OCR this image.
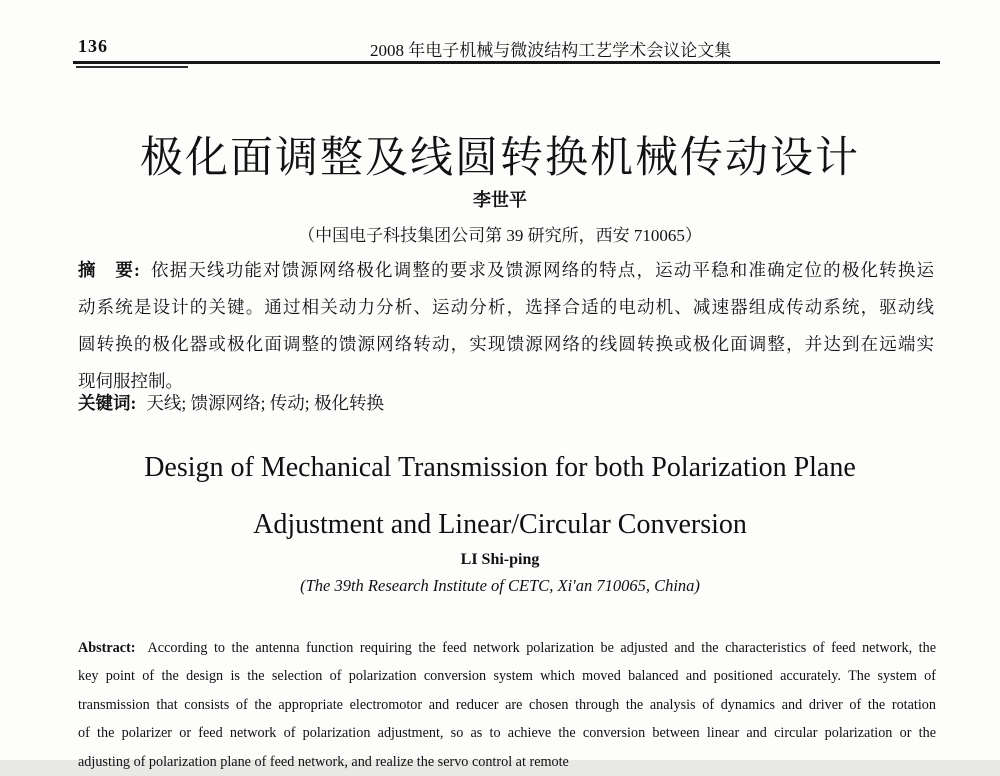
136	2008 年电子机械与微波结构工艺学术会议论文集
极化面调整及线圆转换机械传动设计
李世平
（中国电子科技集团公司第 39 研究所，西安 710065）
摘　要: 依据天线功能对馈源网络极化调整的要求及馈源网络的特点，运动平稳和准确定位的极化转换运
动系统是设计的关键。通过相关动力分析、运动分析，选择合适的电动机、减速器组成传动系统，驱动线
圆转换的极化器或极化面调整的馈源网络转动，实现馈源网络的线圆转换或极化面调整，并达到在远端实
现伺服控制。
关键词: 天线; 馈源网络; 传动; 极化转换
Design of Mechanical Transmission for both Polarization Plane
Adjustment and Linear/Circular Conversion
LI Shi-ping
(The 39th Research Institute of CETC, Xi'an 710065, China)
Abstract: According to the antenna function requiring the feed network polarization be adjusted and the characteristics of feed network, the
key point of the design is the selection of polarization conversion system which moved balanced and positioned accurately. The system of
transmission that consists of the appropriate electromotor and reducer are chosen through the analysis of dynamics and driver of the rotation
of the polarizer or feed network of polarization adjustment, so as to achieve the conversion between linear and circular polarization or the
adjusting of polarization plane of feed network, and realize the servo control at remote
